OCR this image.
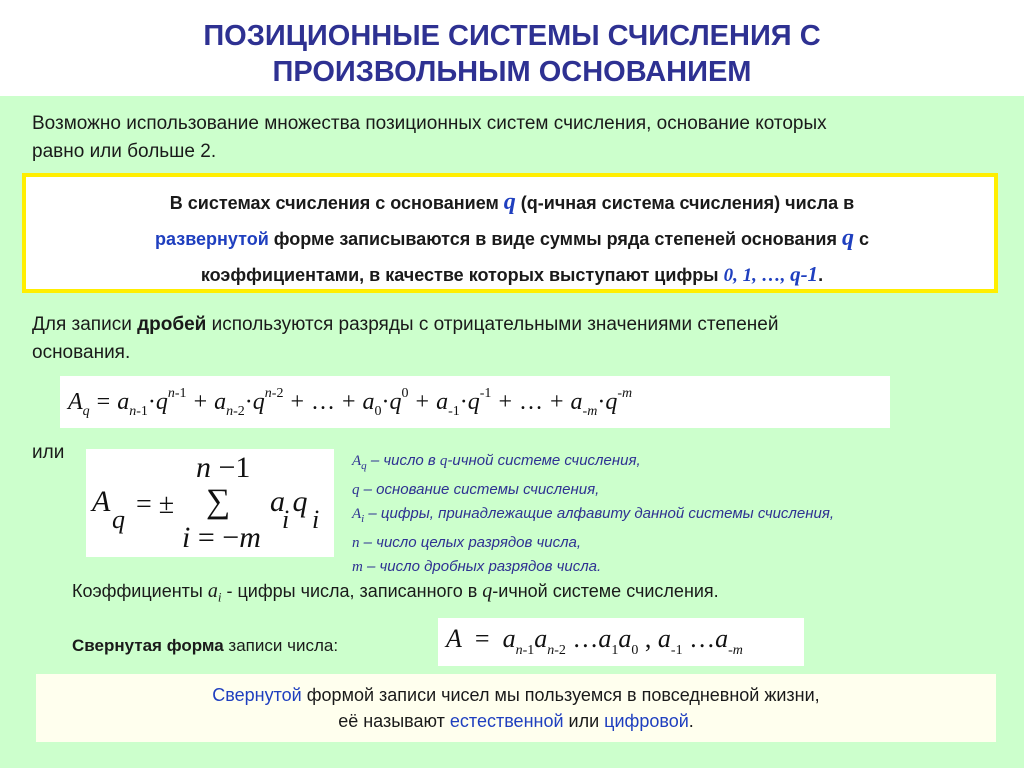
ПОЗИЦИОННЫЕ СИСТЕМЫ СЧИСЛЕНИЯ С
ПРОИЗВОЛЬНЫМ ОСНОВАНИЕМ
Возможно использование множества позиционных систем счисления, основание которых
равно или больше 2.
В системах счисления с основанием q (q-ичная система счисления) числа в
развернутой форме записываются в виде суммы ряда степеней основания q с
коэффициентами, в качестве которых выступают цифры 0, 1, …, q-1.
Для записи дробей используются разряды с отрицательными значениями степеней
основания.
$A_q = a_{n-1}\cdot q^{n-1} + a_{n-2}\cdot q^{n-2}$ + … + $a_0\cdot q^0 + a_{-1}\cdot q^{-1}$ + … + $a_{-m}\cdot q^{-m}$
или	n −1
A
q = ± ∑ a q
i i
i = −m
$A_q$ – число в q-ичной системе счисления,
q – основание системы счисления,
$A_i$ – цифры, принадлежащие алфавиту данной системы счисления,
n – число целых разрядов числа,
m – число дробных разрядов числа.
Коэффициенты $a_i$ - цифры числа, записанного в q-ичной системе счисления.
Свернутая форма записи числа:	$A = a_{n-1}a_{n-2}$ $\dots a_1a_0$ , $a_{-1}$ $\dots a_{-m}$
Свернутой формой записи чисел мы пользуемся в повседневной жизни,
её называют естественной или цифровой.
